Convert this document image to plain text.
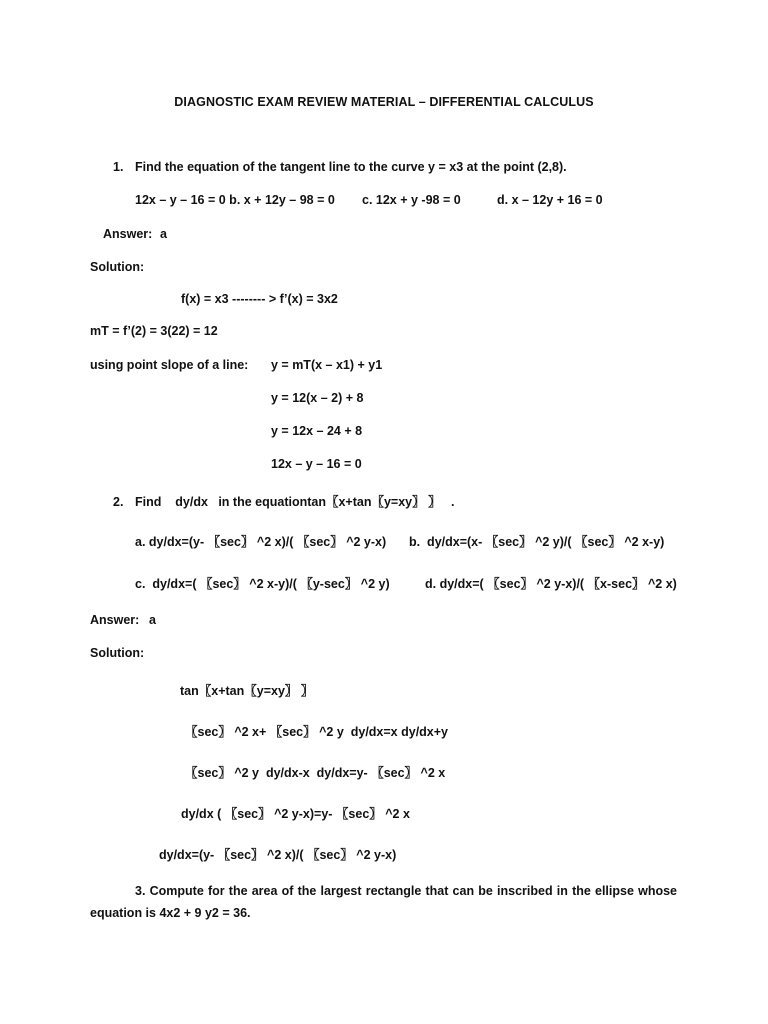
DIAGNOSTIC EXAM REVIEW MATERIAL – DIFFERENTIAL CALCULUS
1. Find the equation of the tangent line to the curve y = x3 at the point (2,8).
12x – y – 16 = 0 b. x + 12y – 98 = 0 c. 12x + y -98 = 0	d. x – 12y + 16 = 0
Answer: a
Solution:
f(x) = x3 -------- > f’(x) = 3x2
mT = f’(2) = 3(22) = 12
using point slope of a line: y = mT(x – x1) + y1
y = 12(x – 2) + 8
y = 12x – 24 + 8
12x – y – 16 = 0
2. Find    dy/dx   in the equationtan〖x+tan〖y=xy〗 〗   .
a. dy/dx=(y- 〖sec〗 ^2 x)/( 〖sec〗 ^2 y-x) b.  dy/dx=(x- 〖sec〗 ^2 y)/( 〖sec〗 ^2 x-y)
c.  dy/dx=( 〖sec〗 ^2 x-y)/( 〖y-sec〗 ^2 y)	d. dy/dx=( 〖sec〗 ^2 y-x)/( 〖x-sec〗 ^2 x)
Answer: a
Solution:
tan〖x+tan〖y=xy〗 〗
〖sec〗 ^2 x+ 〖sec〗 ^2 y  dy/dx=x dy/dx+y
〖sec〗 ^2 y  dy/dx-x  dy/dx=y- 〖sec〗 ^2 x
dy/dx ( 〖sec〗 ^2 y-x)=y- 〖sec〗 ^2 x
dy/dx=(y- 〖sec〗 ^2 x)/( 〖sec〗 ^2 y-x)
3. Compute for the area of the largest rectangle that can be inscribed in the ellipse whose
equation is 4x2 + 9 y2 = 36.
